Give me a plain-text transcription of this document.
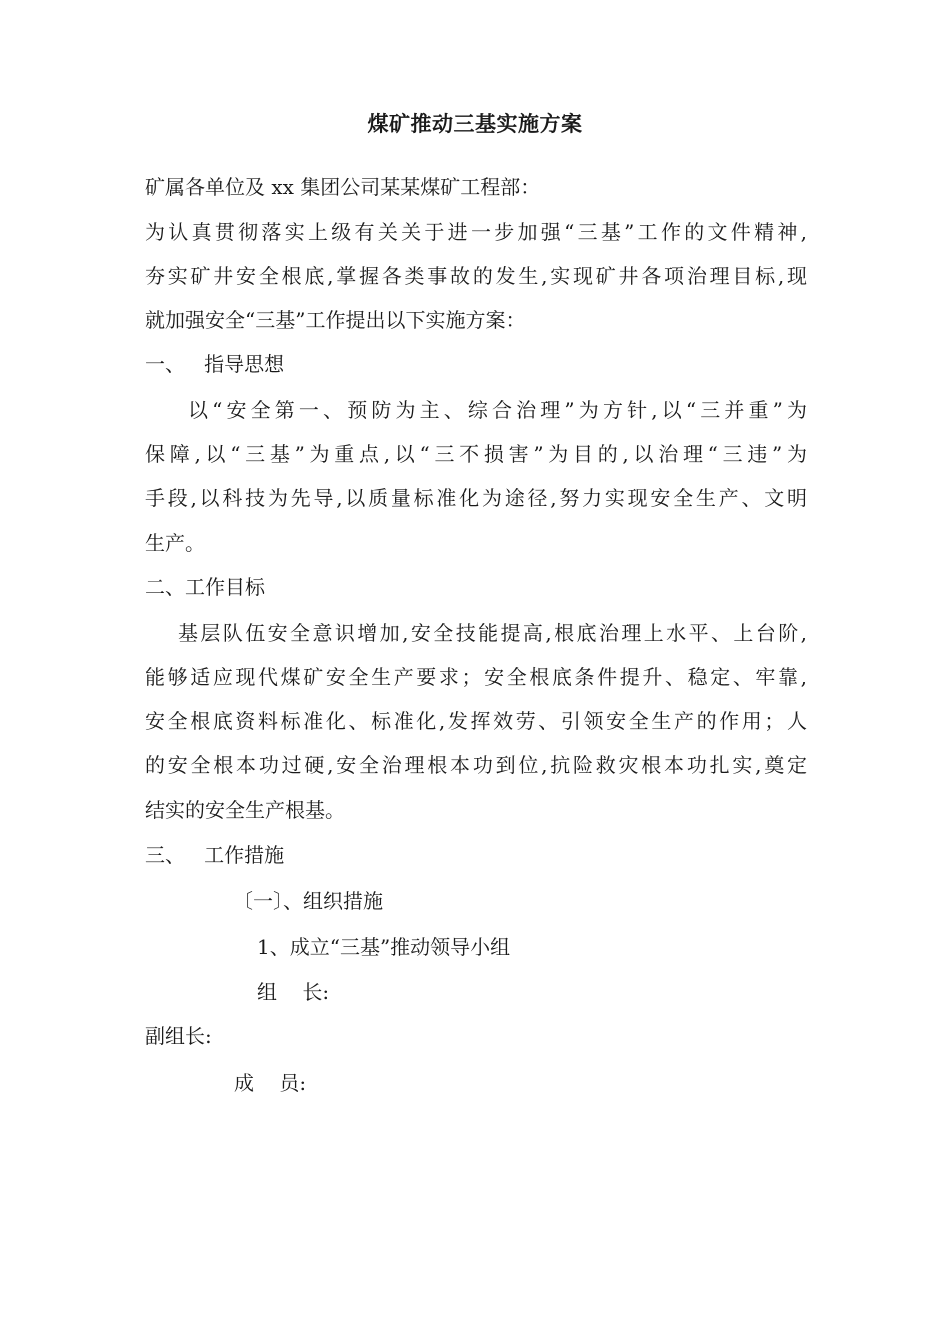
煤矿推动三基实施方案
矿属各单位及 xx 集团公司某某煤矿工程部：
为认真贯彻落实上级有关关于进一步加强“三基”工作的文件精神,
夯实矿井安全根底,掌握各类事故的发生,实现矿井各项治理目标,现
就加强安全“三基”工作提出以下实施方案：
一、   指导思想
以“安全第一、预防为主、综合治理”为方针,以“三并重”为
保障,以“三基”为重点,以“三不损害”为目的,以治理“三违”为
手段,以科技为先导,以质量标准化为途径,努力实现安全生产、文明
生产。
二、工作目标
基层队伍安全意识增加,安全技能提高,根底治理上水平、上台阶,
能够适应现代煤矿安全生产要求；安全根底条件提升、稳定、牢靠,
安全根底资料标准化、标准化,发挥效劳、引领安全生产的作用；人
的安全根本功过硬,安全治理根本功到位,抗险救灾根本功扎实,奠定
结实的安全生产根基。
三、   工作措施
〔一〕、组织措施
1、成立“三基”推动领导小组
组    长:
副组长:
成    员:
